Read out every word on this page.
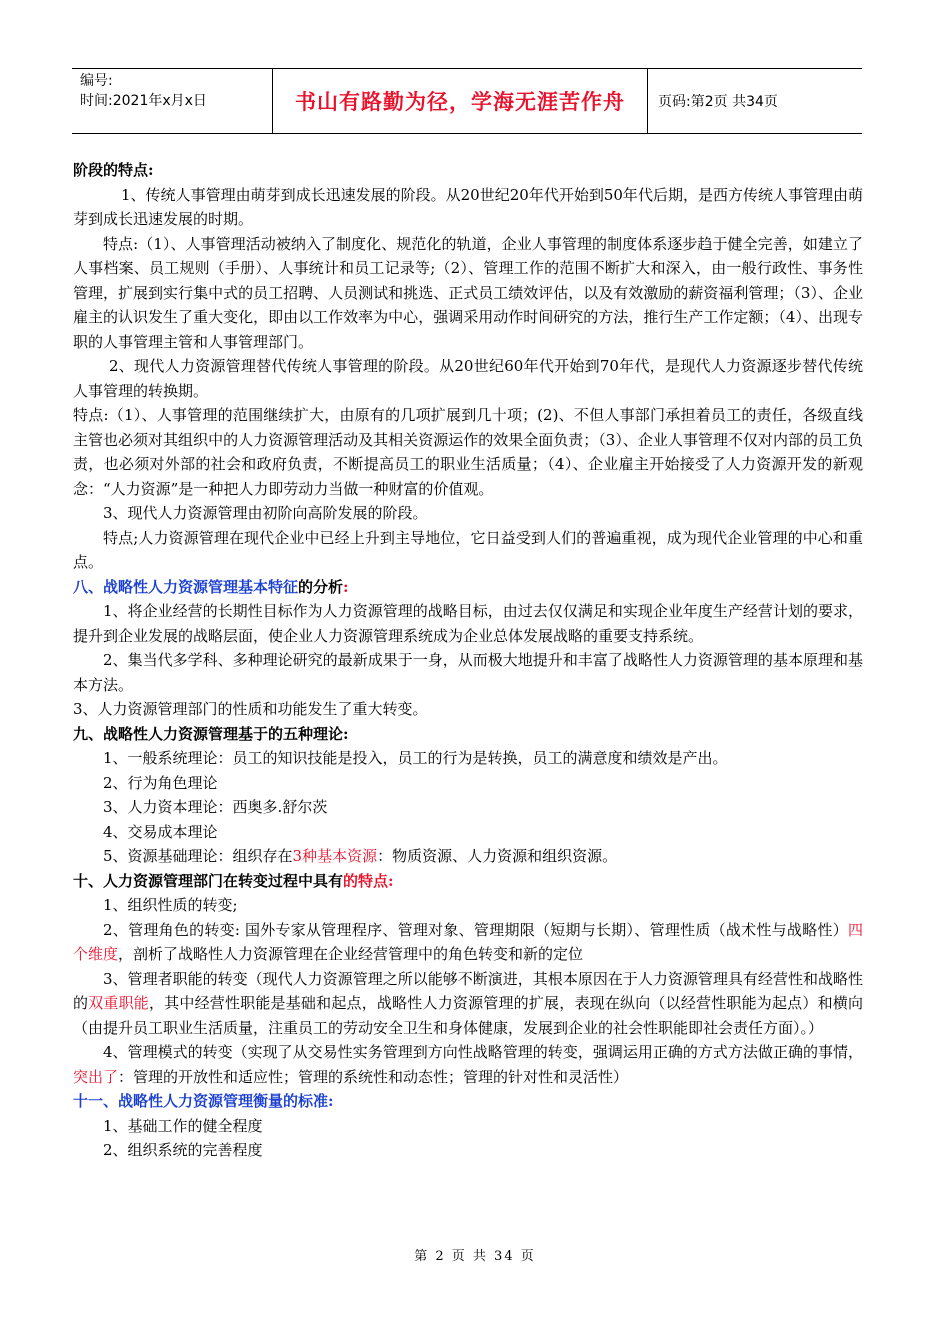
编号:
时间:2021年x月x日	书山有路勤为径，学海无涯苦作舟	页码:第2页 共34页

阶段的特点:

1、传统人事管理由萌芽到成长迅速发展的阶段。从20世纪20年代开始到50年代后期，是西方传统人事管理由萌芽到成长迅速发展的时期。

特点:（1）、人事管理活动被纳入了制度化、规范化的轨道，企业人事管理的制度体系逐步趋于健全完善，如建立了人事档案、员工规则（手册）、人事统计和员工记录等;（2）、管理工作的范围不断扩大和深入，由一般行政性、事务性管理，扩展到实行集中式的员工招聘、人员测试和挑选、正式员工绩效评估，以及有效激励的薪资福利管理；（3）、企业雇主的认识发生了重大变化，即由以工作效率为中心，强调采用动作时间研究的方法，推行生产工作定额；（4）、出现专职的人事管理主管和人事管理部门。

2、现代人力资源管理替代传统人事管理的阶段。从20世纪60年代开始到70年代，是现代人力资源逐步替代传统人事管理的转换期。

特点:（1）、人事管理的范围继续扩大，由原有的几项扩展到几十项；(2)、不但人事部门承担着员工的责任，各级直线主管也必须对其组织中的人力资源管理活动及其相关资源运作的效果全面负责；（3）、企业人事管理不仅对内部的员工负责，也必须对外部的社会和政府负责，不断提高员工的职业生活质量；（4）、企业雇主开始接受了人力资源开发的新观念：“人力资源”是一种把人力即劳动力当做一种财富的价值观。

3、现代人力资源管理由初阶向高阶发展的阶段。

特点;人力资源管理在现代企业中已经上升到主导地位，它日益受到人们的普遍重视，成为现代企业管理的中心和重点。

八、战略性人力资源管理基本特征的分析:

1、将企业经营的长期性目标作为人力资源管理的战略目标，由过去仅仅满足和实现企业年度生产经营计划的要求，提升到企业发展的战略层面，使企业人力资源管理系统成为企业总体发展战略的重要支持系统。

2、集当代多学科、多种理论研究的最新成果于一身，从而极大地提升和丰富了战略性人力资源管理的基本原理和基本方法。

3、人力资源管理部门的性质和功能发生了重大转变。

九、战略性人力资源管理基于的五种理论:

1、一般系统理论：员工的知识技能是投入，员工的行为是转换，员工的满意度和绩效是产出。

2、行为角色理论

3、人力资本理论：西奥多.舒尔茨

4、交易成本理论

5、资源基础理论：组织存在3种基本资源：物质资源、人力资源和组织资源。

十、人力资源管理部门在转变过程中具有的特点:

1、组织性质的转变;

2、管理角色的转变: 国外专家从管理程序、管理对象、管理期限（短期与长期）、管理性质（战术性与战略性）四个维度，剖析了战略性人力资源管理在企业经营管理中的角色转变和新的定位

3、管理者职能的转变（现代人力资源管理之所以能够不断演进，其根本原因在于人力资源管理具有经营性和战略性的双重职能，其中经营性职能是基础和起点，战略性人力资源管理的扩展，表现在纵向（以经营性职能为起点）和横向（由提升员工职业生活质量，注重员工的劳动安全卫生和身体健康，发展到企业的社会性职能即社会责任方面）。）

4、管理模式的转变（实现了从交易性实务管理到方向性战略管理的转变，强调运用正确的方式方法做正确的事情，突出了：管理的开放性和适应性；管理的系统性和动态性；管理的针对性和灵活性）

十一、战略性人力资源管理衡量的标准:

1、基础工作的健全程度

2、组织系统的完善程度

第 2 页 共 34 页
